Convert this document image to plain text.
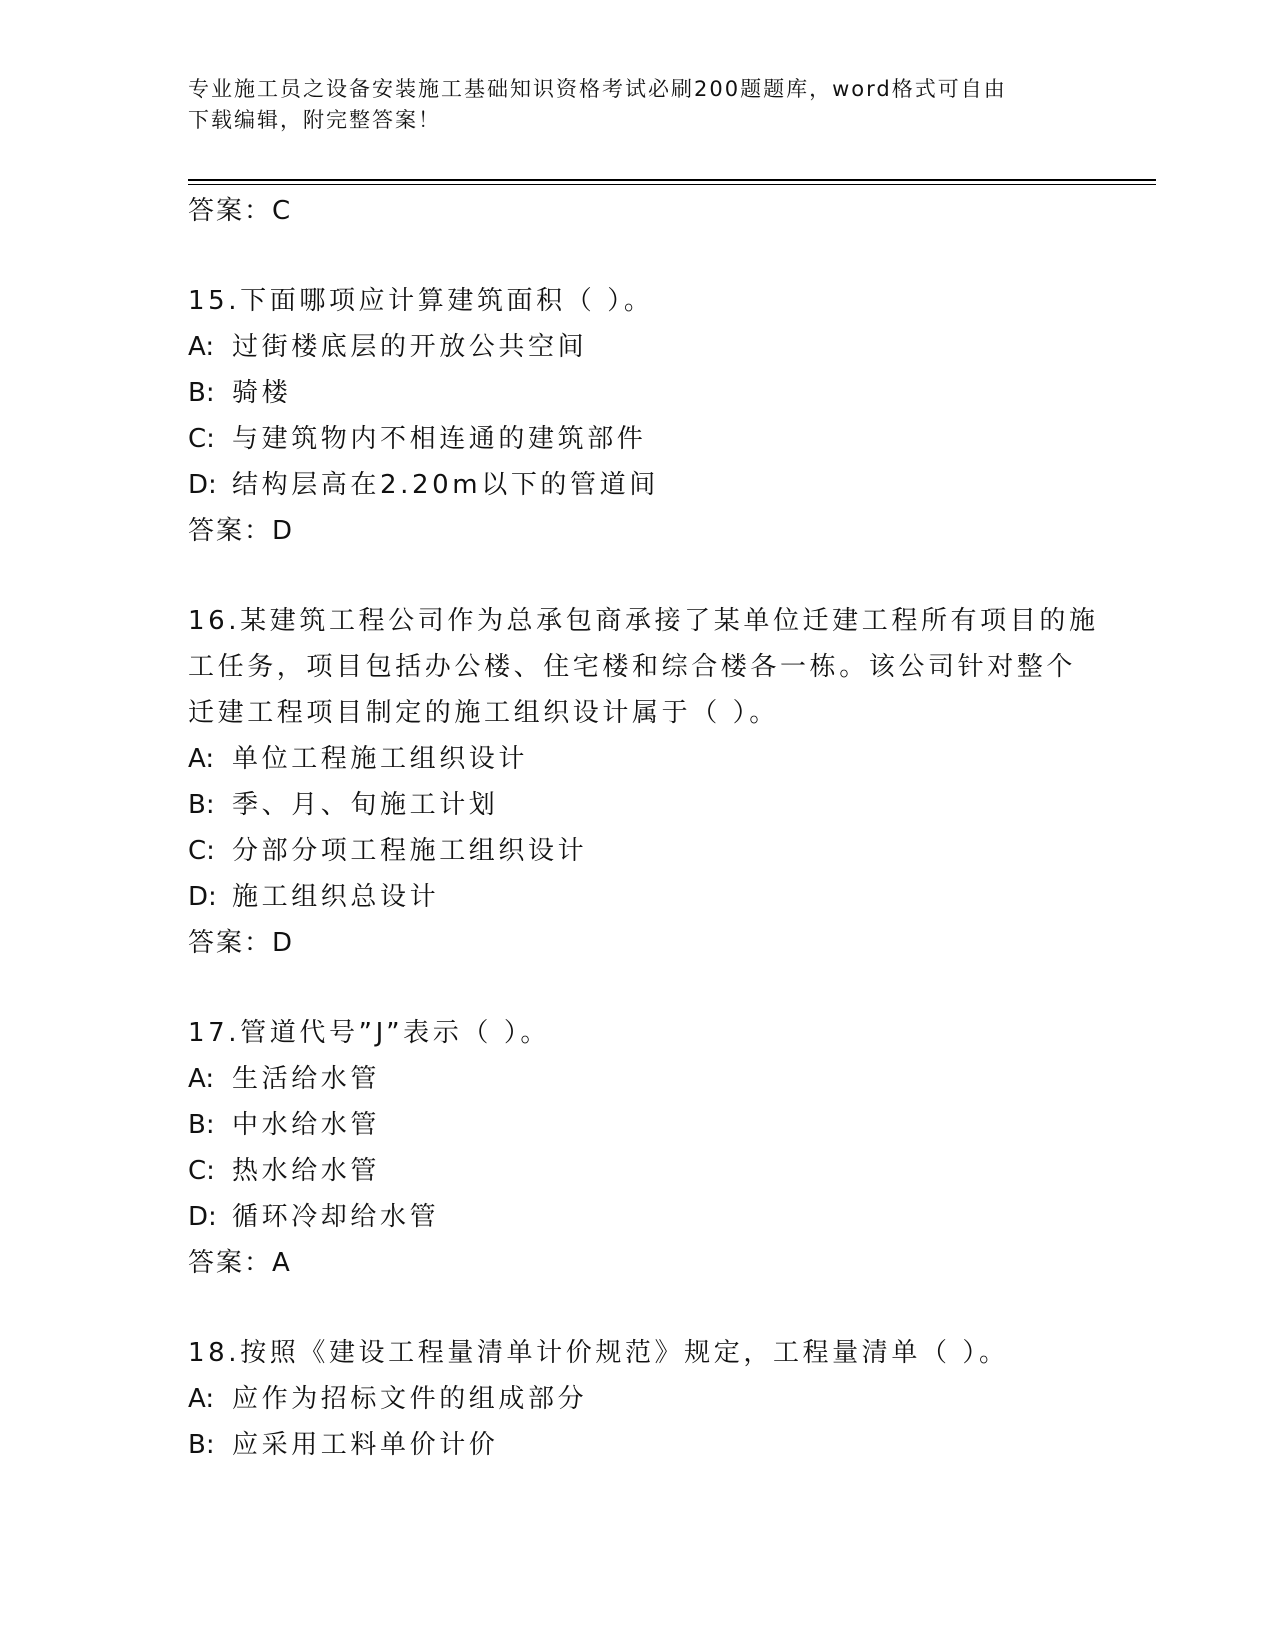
专业施工员之设备安装施工基础知识资格考试必刷200题题库，word格式可自由
下载编辑，附完整答案！
答案：C
15.下面哪项应计算建筑面积（ ）。
A: 过街楼底层的开放公共空间
B: 骑楼
C: 与建筑物内不相连通的建筑部件
D: 结构层高在2.20m以下的管道间
答案：D
16.某建筑工程公司作为总承包商承接了某单位迁建工程所有项目的施
工任务，项目包括办公楼、住宅楼和综合楼各一栋。该公司针对整个
迁建工程项目制定的施工组织设计属于（ ）。
A: 单位工程施工组织设计
B: 季、月、旬施工计划
C: 分部分项工程施工组织设计
D: 施工组织总设计
答案：D
17.管道代号”J”表示（ ）。
A: 生活给水管
B: 中水给水管
C: 热水给水管
D: 循环冷却给水管
答案：A
18.按照《建设工程量清单计价规范》规定，工程量清单（ ）。
A: 应作为招标文件的组成部分
B: 应采用工料单价计价
